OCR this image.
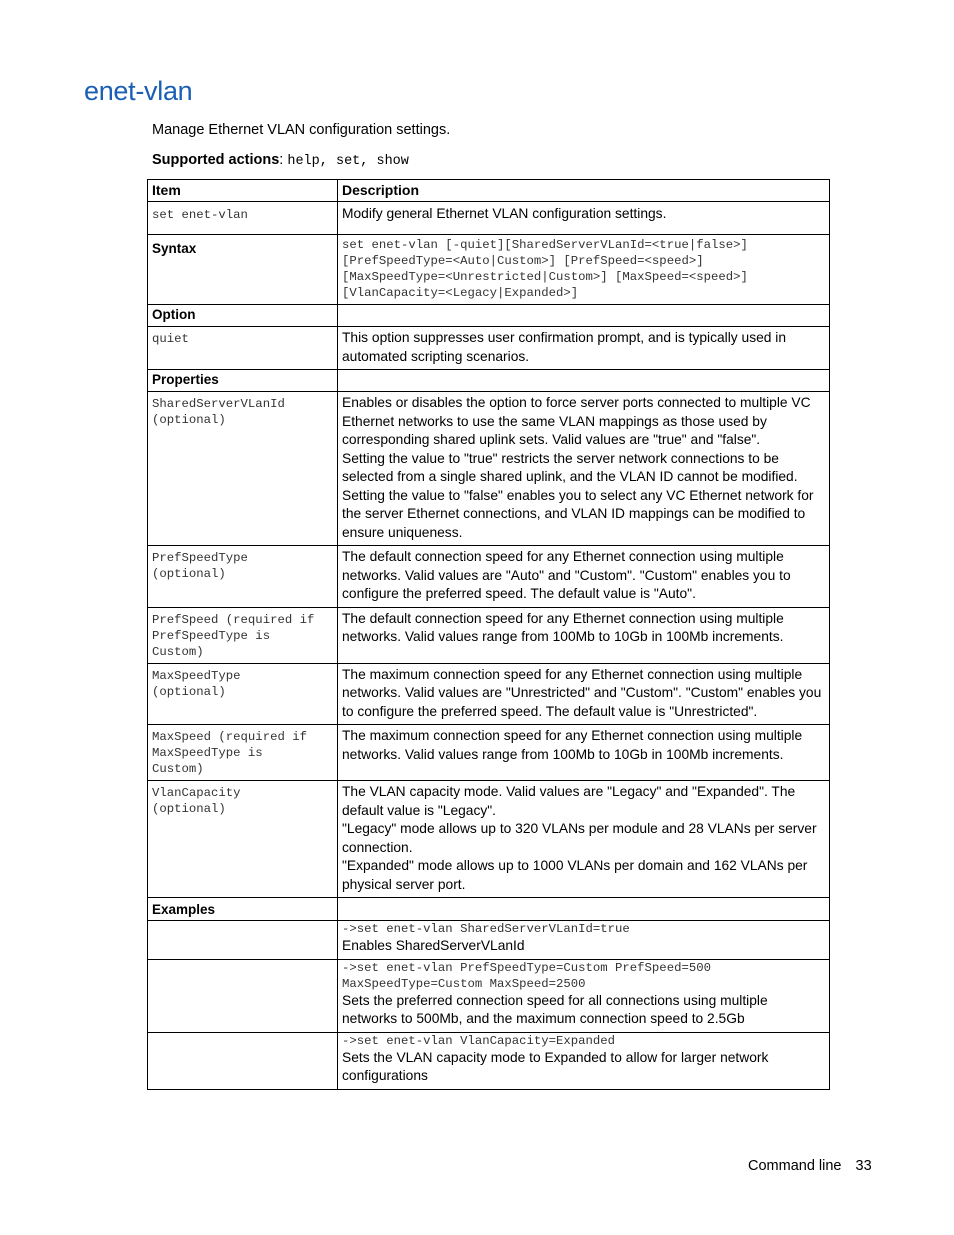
enet-vlan
Manage Ethernet VLAN configuration settings.
Supported actions: help, set, show
Item	Description
set enet-vlan	Modify general Ethernet VLAN configuration settings.
Syntax	set enet-vlan [-quiet][SharedServerVLanId=<true|false>]
[PrefSpeedType=<Auto|Custom>] [PrefSpeed=<speed>]
[MaxSpeedType=<Unrestricted|Custom>] [MaxSpeed=<speed>]
[VlanCapacity=<Legacy|Expanded>]
Option	
quiet	This option suppresses user confirmation prompt, and is typically used in automated scripting scenarios.
Properties	
SharedServerVLanId
(optional)	Enables or disables the option to force server ports connected to multiple VC Ethernet networks to use the same VLAN mappings as those used by corresponding shared uplink sets. Valid values are "true" and "false".
Setting the value to "true" restricts the server network connections to be selected from a single shared uplink, and the VLAN ID cannot be modified.
Setting the value to "false" enables you to select any VC Ethernet network for the server Ethernet connections, and VLAN ID mappings can be modified to ensure uniqueness.
PrefSpeedType
(optional)	The default connection speed for any Ethernet connection using multiple networks. Valid values are "Auto" and "Custom". "Custom" enables you to configure the preferred speed. The default value is "Auto".
PrefSpeed (required if
PrefSpeedType is
Custom)	The default connection speed for any Ethernet connection using multiple networks. Valid values range from 100Mb to 10Gb in 100Mb increments.
MaxSpeedType
(optional)	The maximum connection speed for any Ethernet connection using multiple networks. Valid values are "Unrestricted" and "Custom". "Custom" enables you to configure the preferred speed. The default value is "Unrestricted".
MaxSpeed (required if
MaxSpeedType is
Custom)	The maximum connection speed for any Ethernet connection using multiple networks. Valid values range from 100Mb to 10Gb in 100Mb increments.
VlanCapacity
(optional)	The VLAN capacity mode. Valid values are "Legacy" and "Expanded". The default value is "Legacy".
"Legacy" mode allows up to 320 VLANs per module and 28 VLANs per server connection.
"Expanded" mode allows up to 1000 VLANs per domain and 162 VLANs per physical server port.
Examples	

	->set enet-vlan SharedServerVLanId=true
Enables SharedServerVLanId

	->set enet-vlan PrefSpeedType=Custom PrefSpeed=500
MaxSpeedType=Custom MaxSpeed=2500
Sets the preferred connection speed for all connections using multiple networks to 500Mb, and the maximum connection speed to 2.5Gb

	->set enet-vlan VlanCapacity=Expanded
Sets the VLAN capacity mode to Expanded to allow for larger network configurations
Command line 33
